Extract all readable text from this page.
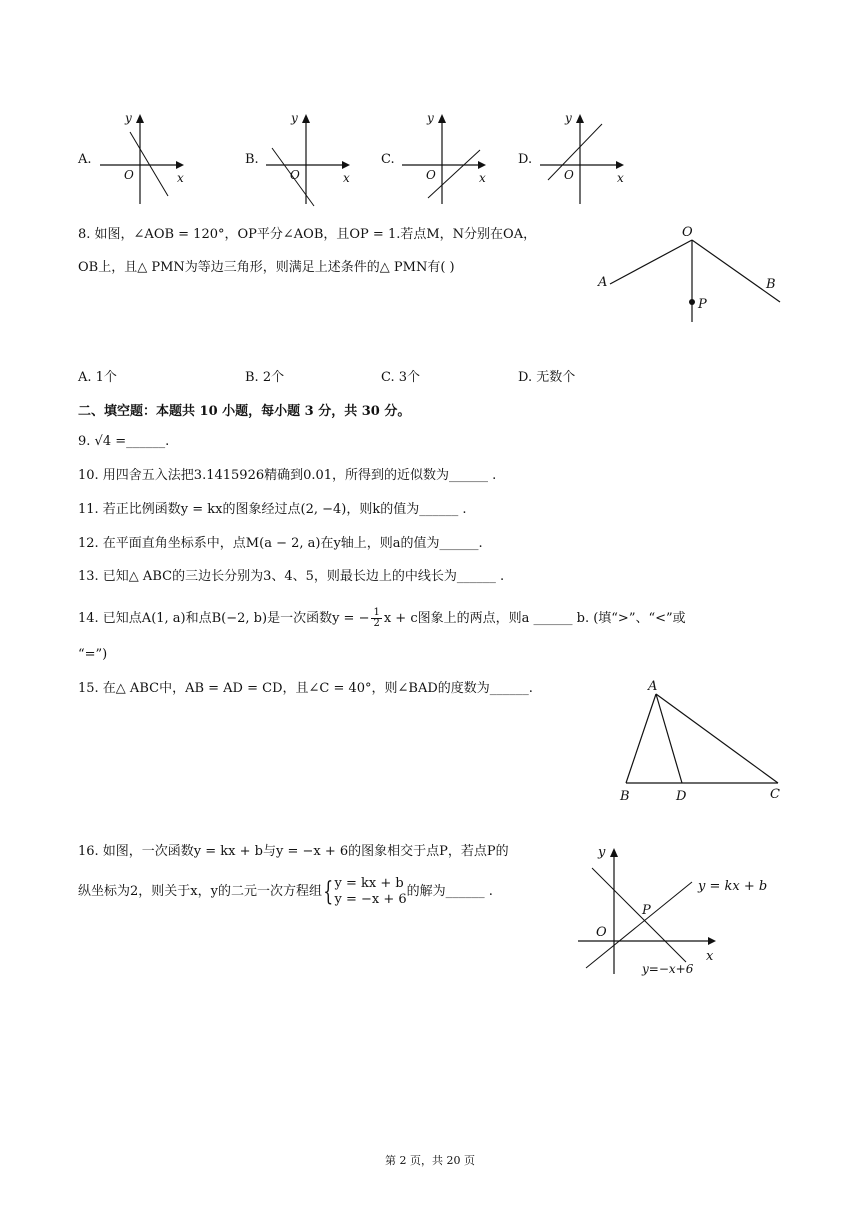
A.
y
x
O
B.
y
x
O
C.
y
x
O
D.
y
x
O
8. 如图，∠AOB = 120°，OP平分∠AOB，且OP = 1.若点M，N分别在OA，
OB上，且△ PMN为等边三角形，则满足上述条件的△ PMN有( )
O
A	B
P
A. 1个	B. 2个	C. 3个	D. 无数个
二、填空题：本题共 10 小题，每小题 3 分，共 30 分。
9. √4 =______.
10. 用四舍五入法把3.1415926精确到0.01，所得到的近似数为______ .
11. 若正比例函数y = kx的图象经过点(2, −4)，则k的值为______ .
12. 在平面直角坐标系中，点M(a − 2, a)在y轴上，则a的值为______.
13. 已知△ ABC的三边长分别为3、4、5，则最长边上的中线长为______ .
14. 已知点A(1, a)和点B(−2, b)是一次函数y = − $\frac{1}{2}$ x + c图象上的两点，则a ______ b. (填“>”、“<”或
“=”)
15. 在△ ABC中，AB = AD = CD，且∠C = 40°，则∠BAD的度数为______.	A
B	D	C
16. 如图，一次函数y = kx + b与y = −x + 6的图象相交于点P，若点P的
纵坐标为2，则关于x，y的二元一次方程组 { y = kx + b
y = −x + 6
的解为______ .
y
x
O
P
y = kx + b
y=−x+6
第 2 页，共 20 页
